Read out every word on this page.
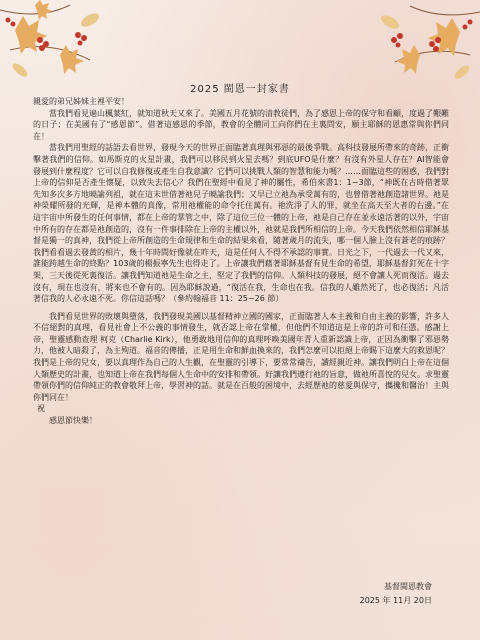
2025 閩恩一封家書

親愛的弟兄姊妹主裡平安！

當我們看見遍山楓葉紅，就知道秋天又來了。美國五月花號的清教徒們，為了感恩上帝的保守和看顧，度過了艱難的日子；在美國有了“感恩節”。借著這感恩的季節，教會的全體同工向你們在主裏問安，願主耶穌的恩惠常與你們同在！

當我們用聖經的話語去看世界，發現今天的世界正面臨著真理與邪惡的最後爭戰。高科技發展所帶來的奇跡，正衝擊著我們的信仰。如馬斯克的火星計畫，我們可以移民到火星去嗎？到底UFO是什麼？有沒有外星人存在？AI智能會發展到什麼程度？它可以自我修復或產生自我意識？它們可以挑戰人類的智慧和能力嗎？……面臨這些的困惑，我們對上帝的信仰是否產生懷疑，以致失去信心？我們在聖經中看見了神的屬性，希伯來書1：1−3節，“神既在古時借著眾先知多次多方地曉諭列祖，就在這末世借著祂兒子曉諭我們；又早已立祂為承受萬有的，也曾借著祂創造諸世界。祂是神榮耀所發的光輝，是神本體的真像，常用祂權能的命令托住萬有。祂洗淨了人的罪，就坐在高天至大者的右邊。”在這宇宙中所發生的任何事情，都在上帝的掌管之中，除了這位三位一體的上帝，祂是自己存在並永遠活著的以外，宇宙中所有的存在都是祂創造的，沒有一件事排除在上帝的主權以外，祂就是我們所相信的上帝。今天我們依然相信耶穌基督是獨一的真神，我們從上帝所創造的生命規律和生命的結果來看，隨著歲月的流失，哪一個人臉上沒有蒼老的痕跡？我們看看過去發黃的相片，幾十年時間好像就在昨天，這是任何人不得不承認的事實。日光之下，一代過去一代又來，誰能跨越生命的終點？103歲的楊振寧先生也得走了。上帝讓我們藉著耶穌基督有見生命的希望，耶穌基督釘死在十字架，三天後從死裏復活。讓我們知道祂是生命之主，堅定了我們的信仰。人類科技的發展，絕不會讓人死而復活。過去沒有，現在也沒有，將來也不會有的。因為耶穌說過，“復活在我，生命也在我。信我的人雖然死了，也必復活；凡活著信我的人必永遠不死。你信這話嗎？（參約翰福音 11：25−26 節）

我們看見世界的敗壞與墮落，我們發現美國以基督精神立國的國家，正面臨著人本主義和自由主義的影響，許多人不信絕對的真理，看見社會上不公義的事情發生，就否認上帝在掌權，但他們不知道這是上帝的許可和任憑。感謝上帝，聖靈感動查理 柯克（Charlie Kirk），他勇敢地用信仰的真理呼喚美國年青人重新認識上帝，正因為衝擊了邪惡勢力，他被人暗殺了，為主殉道。福音的傳播，正是用生命和鮮血換來的，我們怎麼可以拒絕上帝賜下這麼大的救恩呢？我們是上帝的兒女，要以真理作為自己的人生觀，在聖靈的引導下，要常常禱告，讀經親近神。讓我們明白上帝在這個人類歷史的計畫，也知道上帝在我們每個人生命中的安排和帶領。好讓我們遵行祂的旨意，做祂所喜悅的兒女。求聖靈帶領你們的信仰純正的教會敬拜上帝，學習神的話。就是在百般的困境中，去經歷祂的慈愛與保守，攜攙和醫治！主與你們同在！

祝

感恩節快樂！

基督閩恩教會
2025 年 11月 20日
